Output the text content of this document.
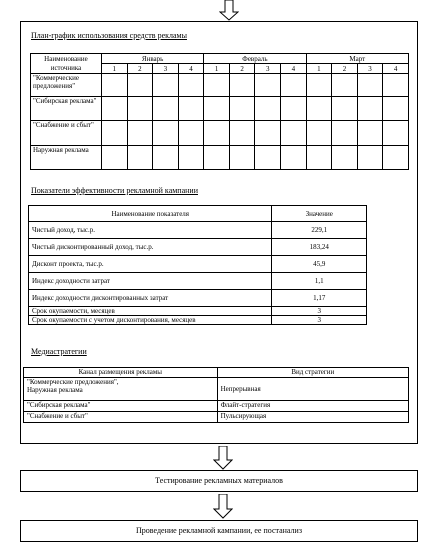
План-график использования средств рекламы
Наименование источника	Январь				Февраль				Март			
	1	2	3	4	1	2	3	4	1	2	3	4
"Коммерческие предложения"												
"Сибирская реклама"												
"Снабжение и сбыт"												
Наружная реклама												
Показатели эффективности рекламной кампании
Наименование показателя	Значение
Чистый доход, тыс.р.	229,1
Чистый дисконтированный доход, тыс.р.	183,24
Дисконт проекта, тыс.р.	45,9
Индекс доходности затрат	1,1
Индекс доходности дисконтированных затрат	1,17
Срок окупаемости, месяцев	3
Срок окупаемости с учетом дисконтирования, месяцев	3
Медиастратегии
Канал размещения рекламы	Вид стратегии

"Коммерческие предложения",
Наружная реклама	Непрерывная
"Сибирская реклама"	Флайт-стратегия
"Снабжение и сбыт"	Пульсирующая
Тестирование рекламных материалов
Проведение рекламной кампании, ее постанализ
